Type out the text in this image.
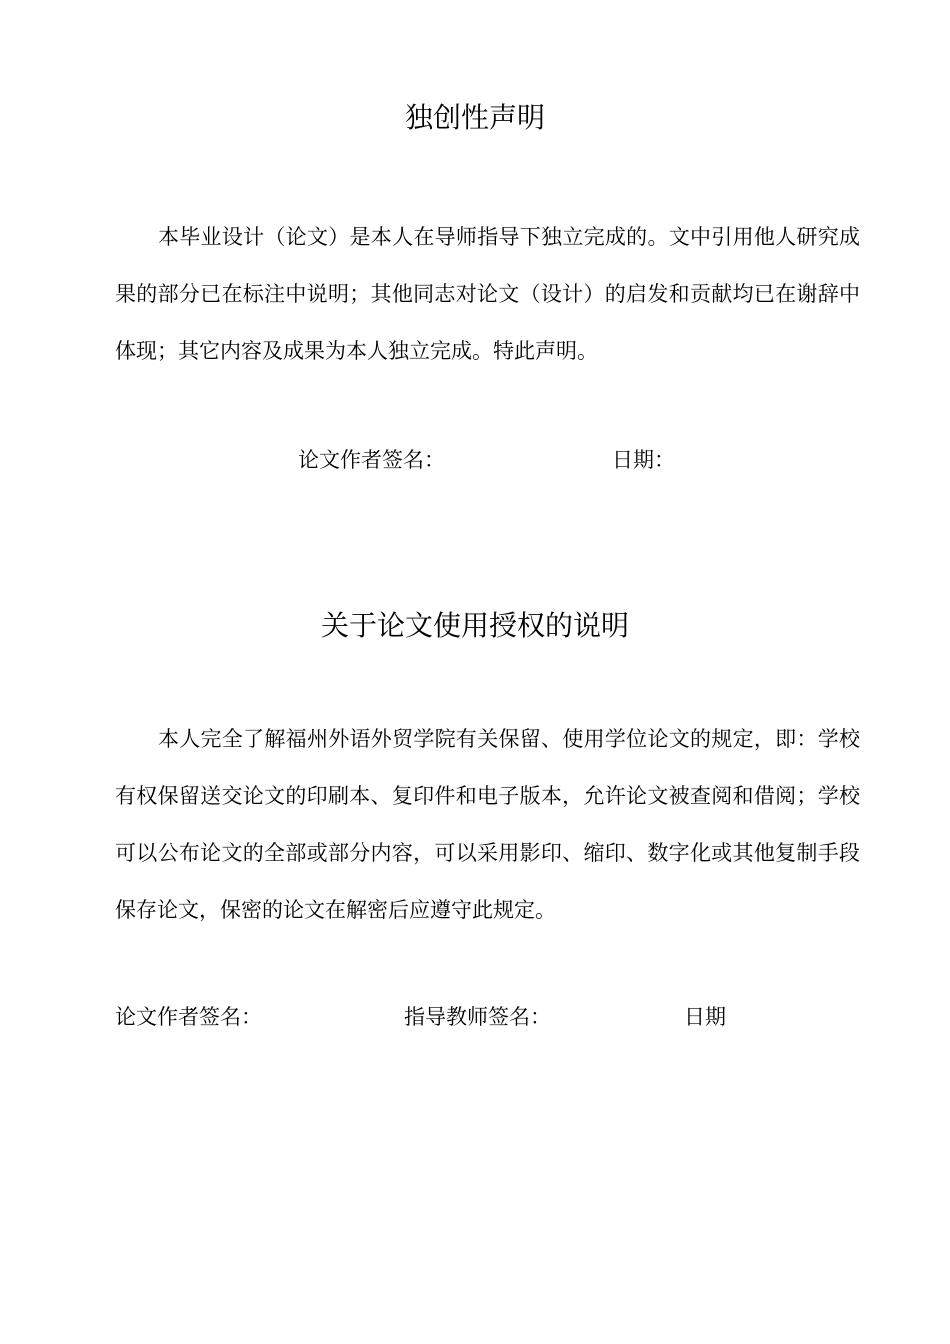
独创性声明

本毕业设计（论文）是本人在导师指导下独立完成的。文中引用他人研究成果的部分已在标注中说明；其他同志对论文（设计）的启发和贡献均已在谢辞中体现；其它内容及成果为本人独立完成。特此声明。

论文作者签名：	日期：
关于论文使用授权的说明

本人完全了解福州外语外贸学院有关保留、使用学位论文的规定，即：学校有权保留送交论文的印刷本、复印件和电子版本，允许论文被查阅和借阅；学校可以公布论文的全部或部分内容，可以采用影印、缩印、数字化或其他复制手段保存论文，保密的论文在解密后应遵守此规定。

论文作者签名：	指导教师签名：	日期
